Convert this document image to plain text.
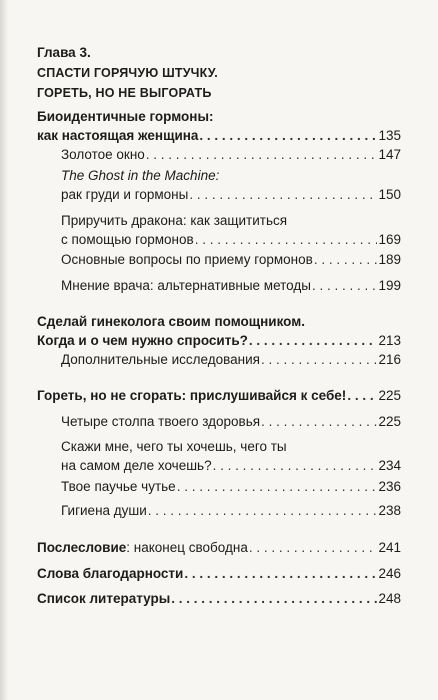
Глава 3.
СПАСТИ ГОРЯЧУЮ ШТУЧКУ.
ГОРЕТЬ, НО НЕ ВЫГОРАТЬ
Биоидентичные гормоны:
как настоящая женщина . . .	135
Золотое окно . . .	147
The Ghost in the Machine:
рак груди и гормоны . . .	150
Приручить дракона: как защититься
с помощью гормонов . . .	169
Основные вопросы по приему гормонов . . .	189
Мнение врача: альтернативные методы . . .	199
Сделай гинеколога своим помощником.
Когда и о чем нужно спросить? . . .	213
Дополнительные исследования . . .	216
Гореть, но не сгорать: прислушивайся к себе! . . . 225
Четыре столпа твоего здоровья . . .	225
Скажи мне, чего ты хочешь, чего ты
на самом деле хочешь? . . .	234
Твое паучье чутье . . .	236
Гигиена души . . .	238
Послесловие: наконец свободна . . .	241
Слова благодарности . . .	246
Список литературы . . .	248
